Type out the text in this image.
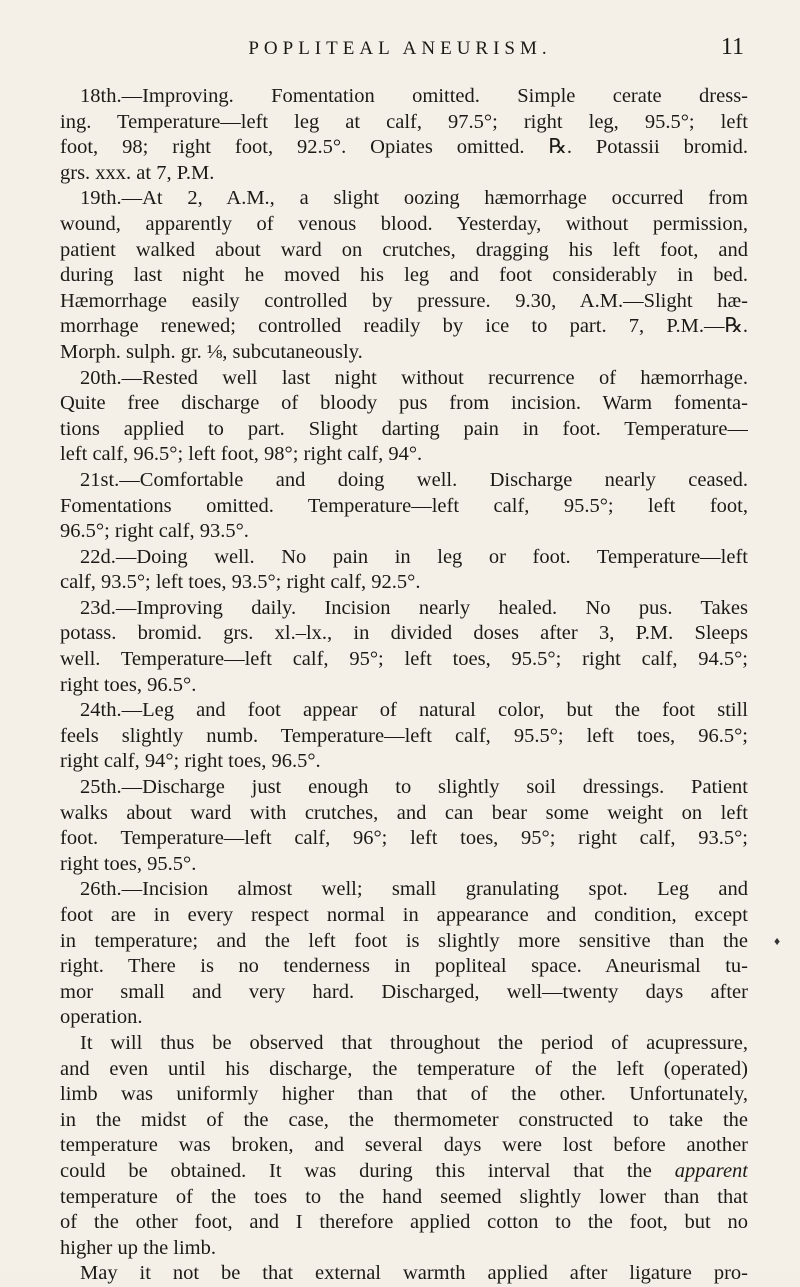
POPLITEAL ANEURISM.	11
18th.—Improving. Fomentation omitted. Simple cerate dress-
ing. Temperature—left leg at calf, 97.5°; right leg, 95.5°; left
foot, 98; right foot, 92.5°. Opiates omitted. ℞. Potassii bromid.
grs. xxx. at 7, P.M.
19th.—At 2, A.M., a slight oozing hæmorrhage occurred from
wound, apparently of venous blood. Yesterday, without permission,
patient walked about ward on crutches, dragging his left foot, and
during last night he moved his leg and foot considerably in bed.
Hæmorrhage easily controlled by pressure. 9.30, A.M.—Slight hæ-
morrhage renewed; controlled readily by ice to part. 7, P.M.—℞.
Morph. sulph. gr. ⅛, subcutaneously.
20th.—Rested well last night without recurrence of hæmorrhage.
Quite free discharge of bloody pus from incision. Warm fomenta-
tions applied to part. Slight darting pain in foot. Temperature—
left calf, 96.5°; left foot, 98°; right calf, 94°.
21st.—Comfortable and doing well. Discharge nearly ceased.
Fomentations omitted. Temperature—left calf, 95.5°; left foot,
96.5°; right calf, 93.5°.
22d.—Doing well. No pain in leg or foot. Temperature—left
calf, 93.5°; left toes, 93.5°; right calf, 92.5°.
23d.—Improving daily. Incision nearly healed. No pus. Takes
potass. bromid. grs. xl.–lx., in divided doses after 3, P.M. Sleeps
well. Temperature—left calf, 95°; left toes, 95.5°; right calf, 94.5°;
right toes, 96.5°.
24th.—Leg and foot appear of natural color, but the foot still
feels slightly numb. Temperature—left calf, 95.5°; left toes, 96.5°;
right calf, 94°; right toes, 96.5°.
25th.—Discharge just enough to slightly soil dressings. Patient
walks about ward with crutches, and can bear some weight on left
foot. Temperature—left calf, 96°; left toes, 95°; right calf, 93.5°;
right toes, 95.5°.
26th.—Incision almost well; small granulating spot. Leg and
foot are in every respect normal in appearance and condition, except
in temperature; and the left foot is slightly more sensitive than the
right. There is no tenderness in popliteal space. Aneurismal tu-
mor small and very hard. Discharged, well—twenty days after
operation.
It will thus be observed that throughout the period of acupressure,
and even until his discharge, the temperature of the left (operated)
limb was uniformly higher than that of the other. Unfortunately,
in the midst of the case, the thermometer constructed to take the
temperature was broken, and several days were lost before another
could be obtained. It was during this interval that the apparent
temperature of the toes to the hand seemed slightly lower than that
of the other foot, and I therefore applied cotton to the foot, but no
higher up the limb.
May it not be that external warmth applied after ligature pro-
♦
